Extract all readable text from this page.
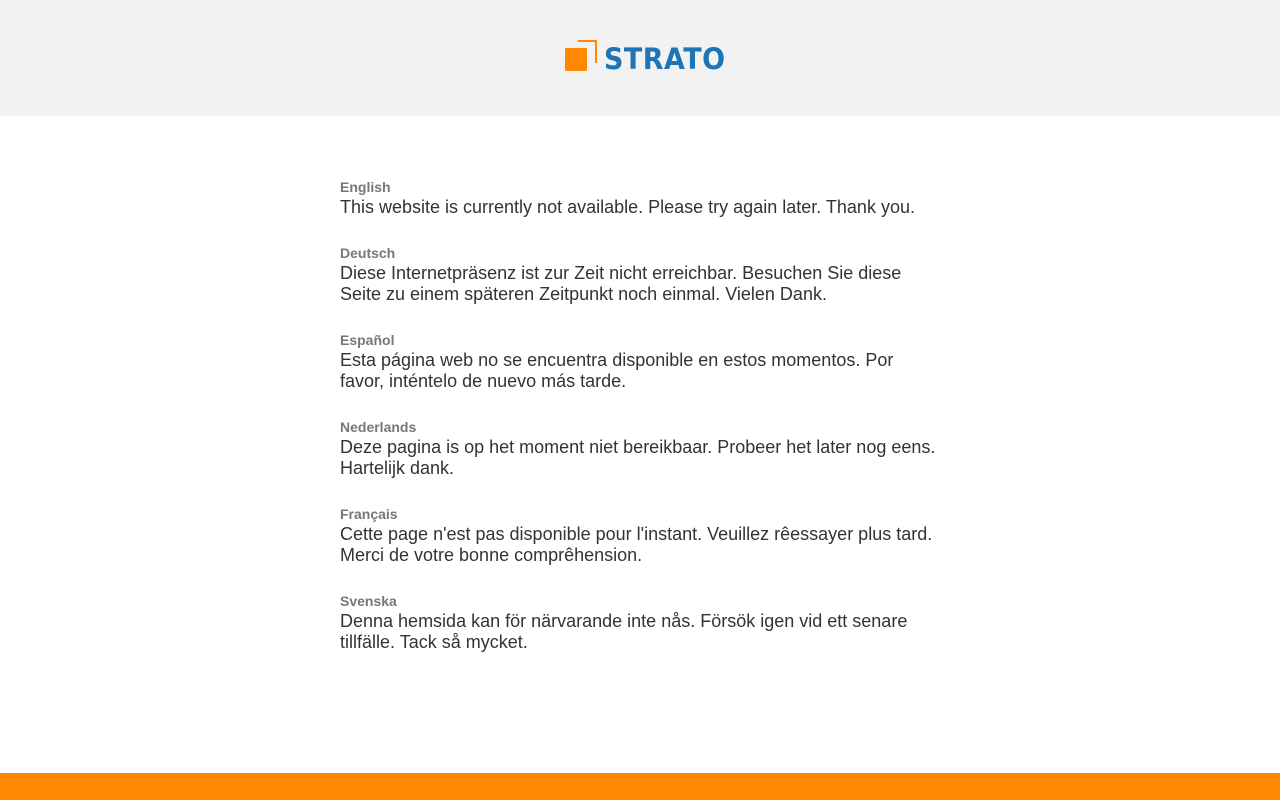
STRATO
English

This website is currently not available. Please try again later. Thank you.

Deutsch

Diese Internetpräsenz ist zur Zeit nicht erreichbar. Besuchen Sie diese Seite zu einem späteren Zeitpunkt noch einmal. Vielen Dank.

Español

Esta página web no se encuentra disponible en estos momentos. Por favor, inténtelo de nuevo más tarde.

Nederlands

Deze pagina is op het moment niet bereikbaar. Probeer het later nog eens. Hartelijk dank.

Français

Cette page n'est pas disponible pour l'instant. Veuillez rêessayer plus tard. Merci de votre bonne comprêhension.

Svenska

Denna hemsida kan för närvarande inte nås. Försök igen vid ett senare tillfälle. Tack så mycket.
